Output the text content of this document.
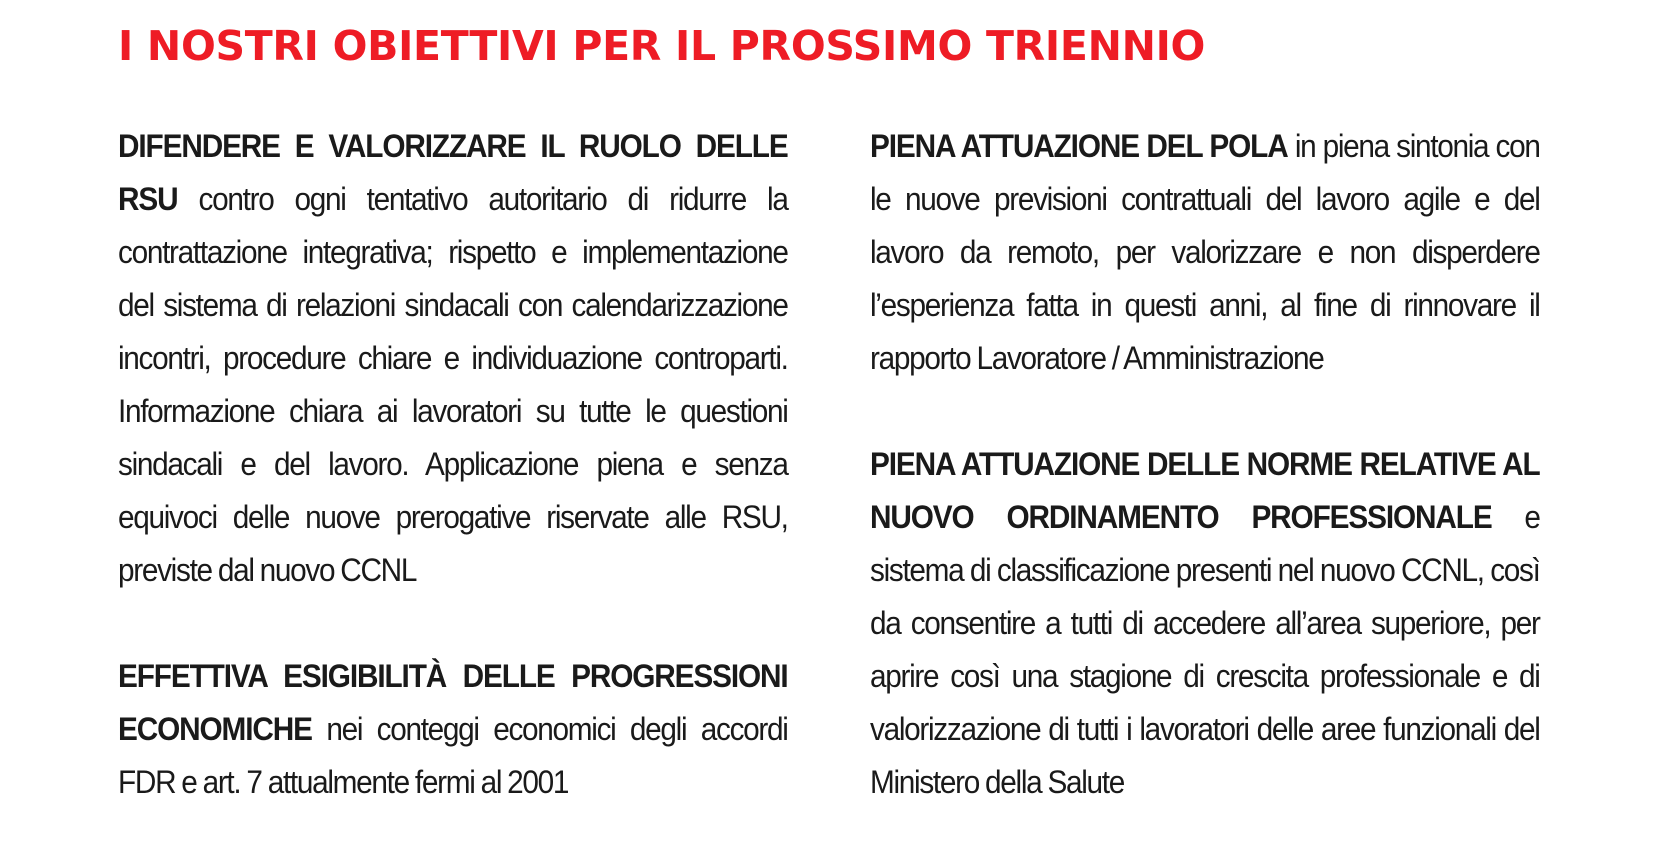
I NOSTRI OBIETTIVI PER IL PROSSIMO TRIENNIO

DIFENDERE E VALORIZZARE IL RUOLO DELLE RSU contro ogni tentativo autoritario di ridurre la contrattazione integrativa; rispetto e implementazione del sistema di relazioni sindacali con calendarizzazione incontri, procedure chiare e individuazione controparti. Informazione chiara ai lavoratori su tutte le questioni sindacali e del lavoro. Applicazione piena e senza equivoci delle nuove prerogative riservate alle RSU, previste dal nuovo CCNL

EFFETTIVA ESIGIBILITÀ DELLE PROGRESSIONI ECONOMICHE nei conteggi economici degli accordi FDR e art. 7 attualmente fermi al 2001

PIENA ATTUAZIONE DEL POLA in piena sintonia con le nuove previsioni contrattuali del lavoro agile e del lavoro da remoto, per valorizzare e non disperdere l’esperienza fatta in questi anni, al fine di rinnovare il rapporto Lavoratore / Amministrazione

PIENA ATTUAZIONE DELLE NORME RELATIVE AL NUOVO ORDINAMENTO PROFESSIONALE e sistema di classificazione presenti nel nuovo CCNL, così da consentire a tutti di accedere all’area superiore, per aprire così una stagione di crescita professionale e di valorizzazione di tutti i lavoratori delle aree funzionali del Ministero della Salute
